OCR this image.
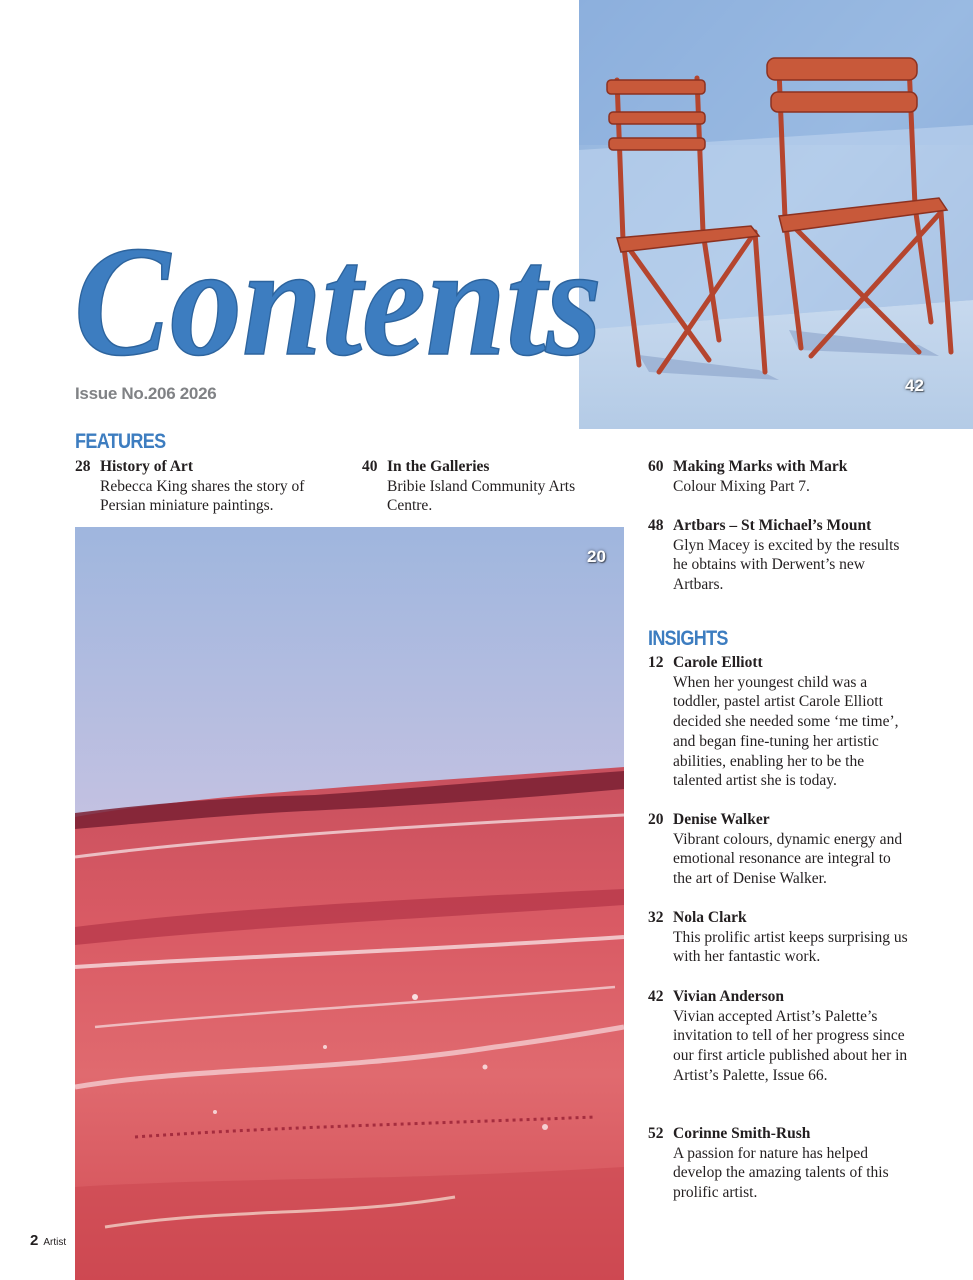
42
Contents
Issue No.206 2026
FEATURES
28 History of Art
Rebecca King shares the story of Persian miniature paintings.
40 In the Galleries
Bribie Island Community Arts Centre.
60 Making Marks with Mark
Colour Mixing Part 7.
48 Artbars – St Michael’s Mount
Glyn Macey is excited by the results he obtains with Derwent’s new Artbars.
INSIGHTS
12 Carole Elliott
When her youngest child was a toddler, pastel artist Carole Elliott decided she needed some ‘me time’, and began fine-tuning her artistic abilities, enabling her to be the talented artist she is today.
20 Denise Walker
Vibrant colours, dynamic energy and emotional resonance are integral to the art of Denise Walker.
32 Nola Clark
This prolific artist keeps surprising us with her fantastic work.
42 Vivian Anderson
Vivian accepted Artist’s Palette’s invitation to tell of her progress since our first article published about her in Artist’s Palette, Issue 66.
52 Corinne Smith-Rush
A passion for nature has helped develop the amazing talents of this prolific artist.
2 Artist
20
